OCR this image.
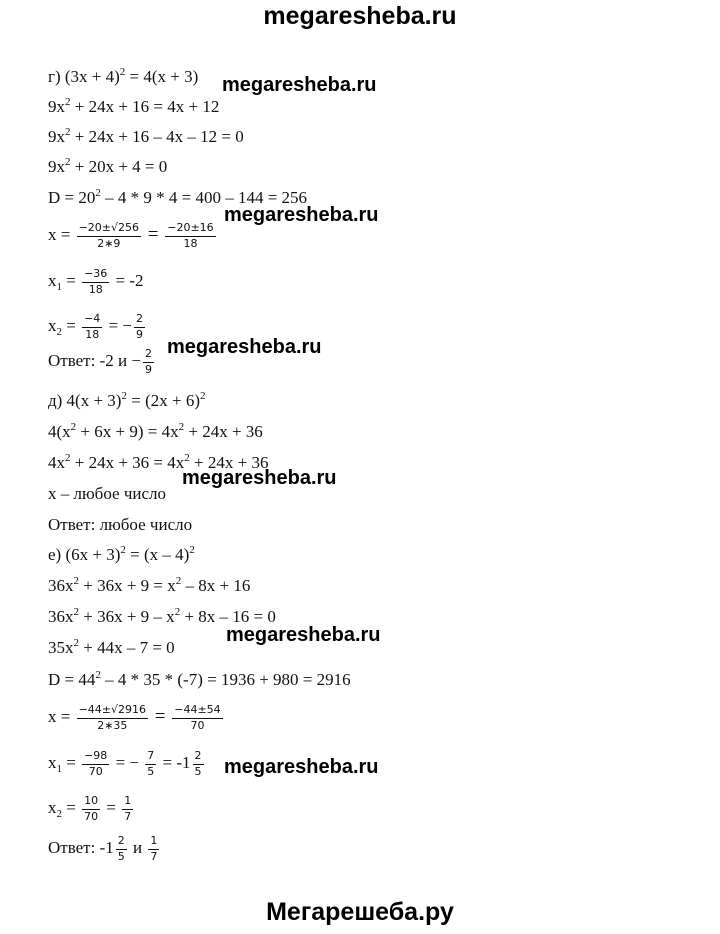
megaresheba.ru
г) $(3x + 4)^2 = 4(x + 3)$
$9x^2 + 24x + 16 = 4x + 12$
$9x^2 + 24x + 16 - 4x - 12 = 0$
$9x^2 + 20x + 4 = 0$
$D = 20^2 - 4 * 9 * 4 = 400 - 144 = 256$
$x = \frac{-20\pm√256}{2∗9} = \frac{-20\pm 16}{18}$
$x_1 = \frac{-36}{18} = -2$
$x_2 = \frac{-4}{18}$ = − $\frac{2}{9}$
Ответ: -2 $и - \frac{2}{9}$
д) $4(x + 3)^2 = (2x + 6)^2$
$4(x^2 + 6x + 9) = 4x^2 + 24x + 36$
$4x^2 + 24x + 36 = 4x^2 + 24x + 36$
x – любое число
Ответ: любое число
е) $(6x + 3)^2 = (x - 4)^2$
$36x^2 + 36x + 9 = x^2 - 8x + 16$
$36x^2 + 36x + 9 - x^2 + 8x - 16 = 0$
$35x^2 + 44x - 7 = 0$
$D = 44^2 - 4 * 35 * (-7) = 1936 + 980 = 2916$
$x = \frac{-44\pm√2916}{2∗35} = \frac{-44\pm 54}{70}$
$x_1 = \frac{-98}{70}$ = − $\frac{7}{5} = -1 \frac{2}{5}$
$x_2 = \frac{10}{70} = \frac{1}{7}$
Ответ: $-1 \frac{2}{5}$ и $\frac{1}{7}$
megaresheba.ru
megaresheba.ru
megaresheba.ru
megaresheba.ru
megaresheba.ru
megaresheba.ru
Мегарешеба.ру
